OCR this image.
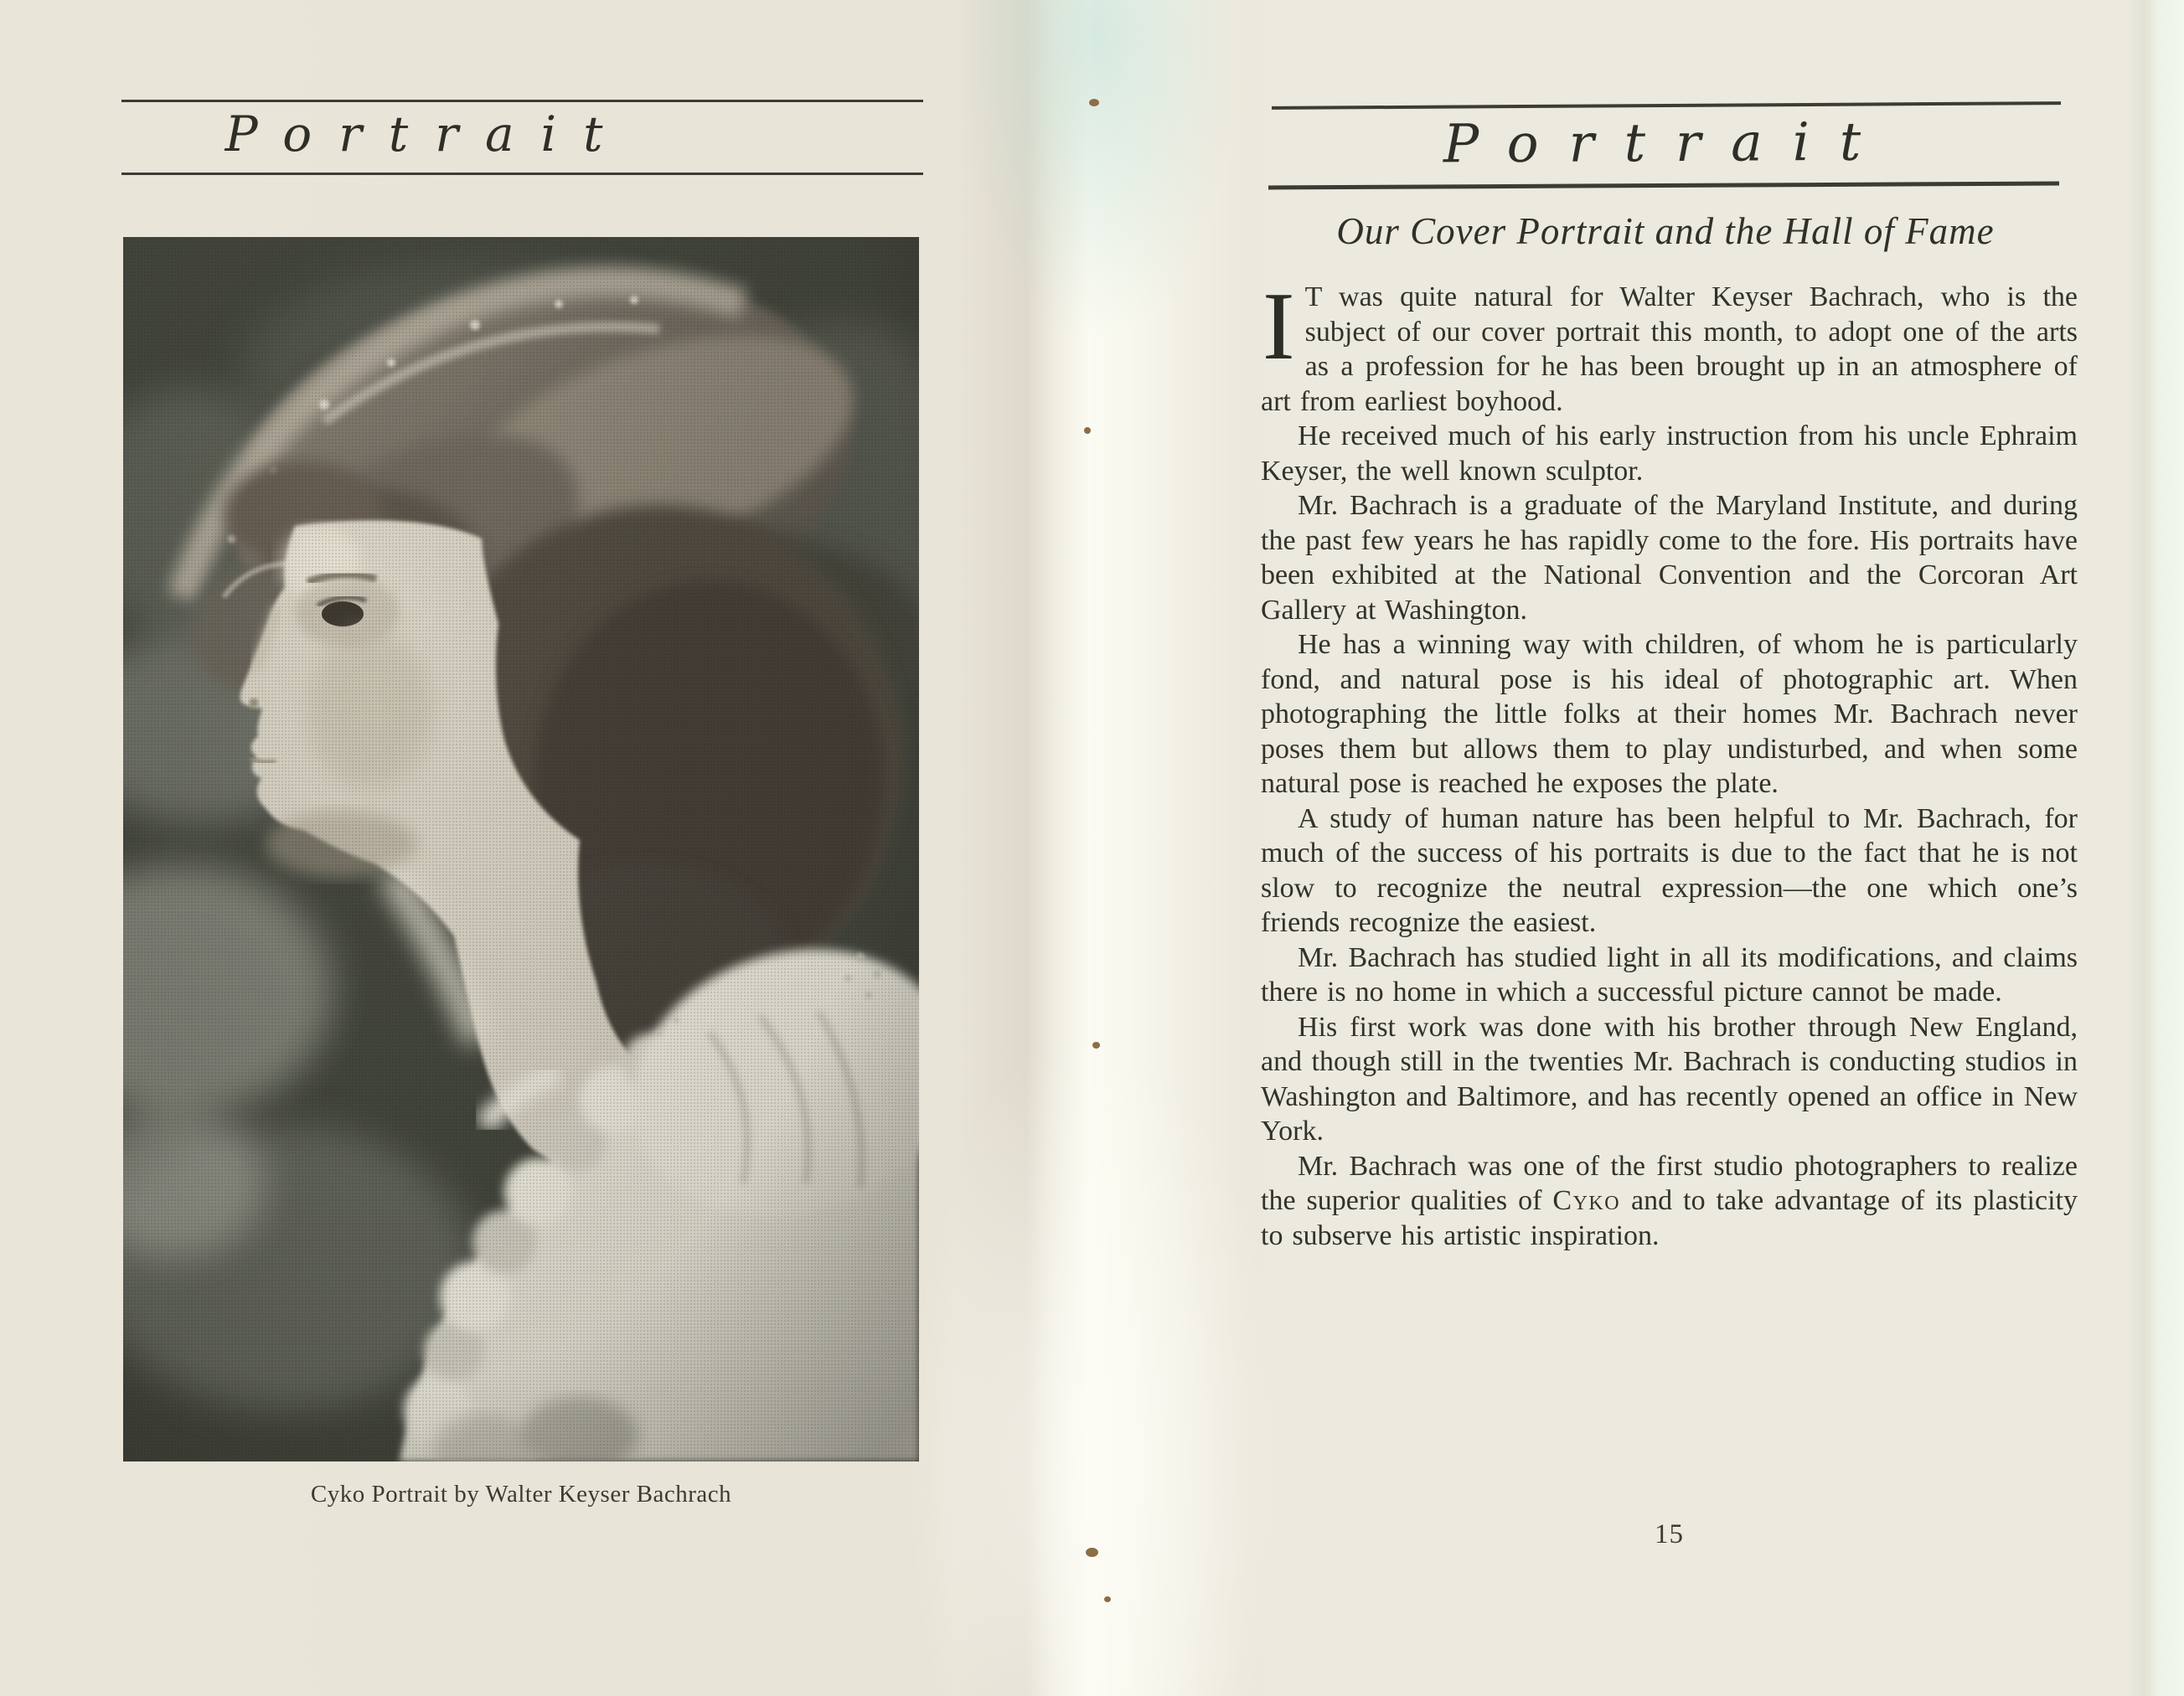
Portrait
Cyko Portrait by Walter Keyser Bachrach
Portrait
Our Cover Portrait and the Hall of Fame

I T was quite natural for Walter Keyser Bachrach, who is the subject of our cover portrait this month, to adopt one of the arts as a profession for he has been brought up in an atmosphere of art from earliest boyhood.

He received much of his early instruction from his uncle Ephraim Keyser, the well known sculptor.

Mr. Bachrach is a graduate of the Maryland Institute, and during the past few years he has rapidly come to the fore. His portraits have been exhibited at the National Convention and the Corcoran Art Gallery at Washington.

He has a winning way with children, of whom he is particularly fond, and natural pose is his ideal of photographic art. When photographing the little folks at their homes Mr. Bachrach never poses them but allows them to play undisturbed, and when some natural pose is reached he exposes the plate.

A study of human nature has been helpful to Mr. Bachrach, for much of the success of his portraits is due to the fact that he is not slow to recognize the neutral expression—the one which one’s friends recognize the easiest.

Mr. Bachrach has studied light in all its modifications, and claims there is no home in which a successful picture cannot be made.

His first work was done with his brother through New England, and though still in the twenties Mr. Bachrach is conducting studios in Washington and Baltimore, and has recently opened an office in New York.

Mr. Bachrach was one of the first studio photographers to realize the superior qualities of Cyko and to take advantage of its plasticity to subserve his artistic inspiration.

15
